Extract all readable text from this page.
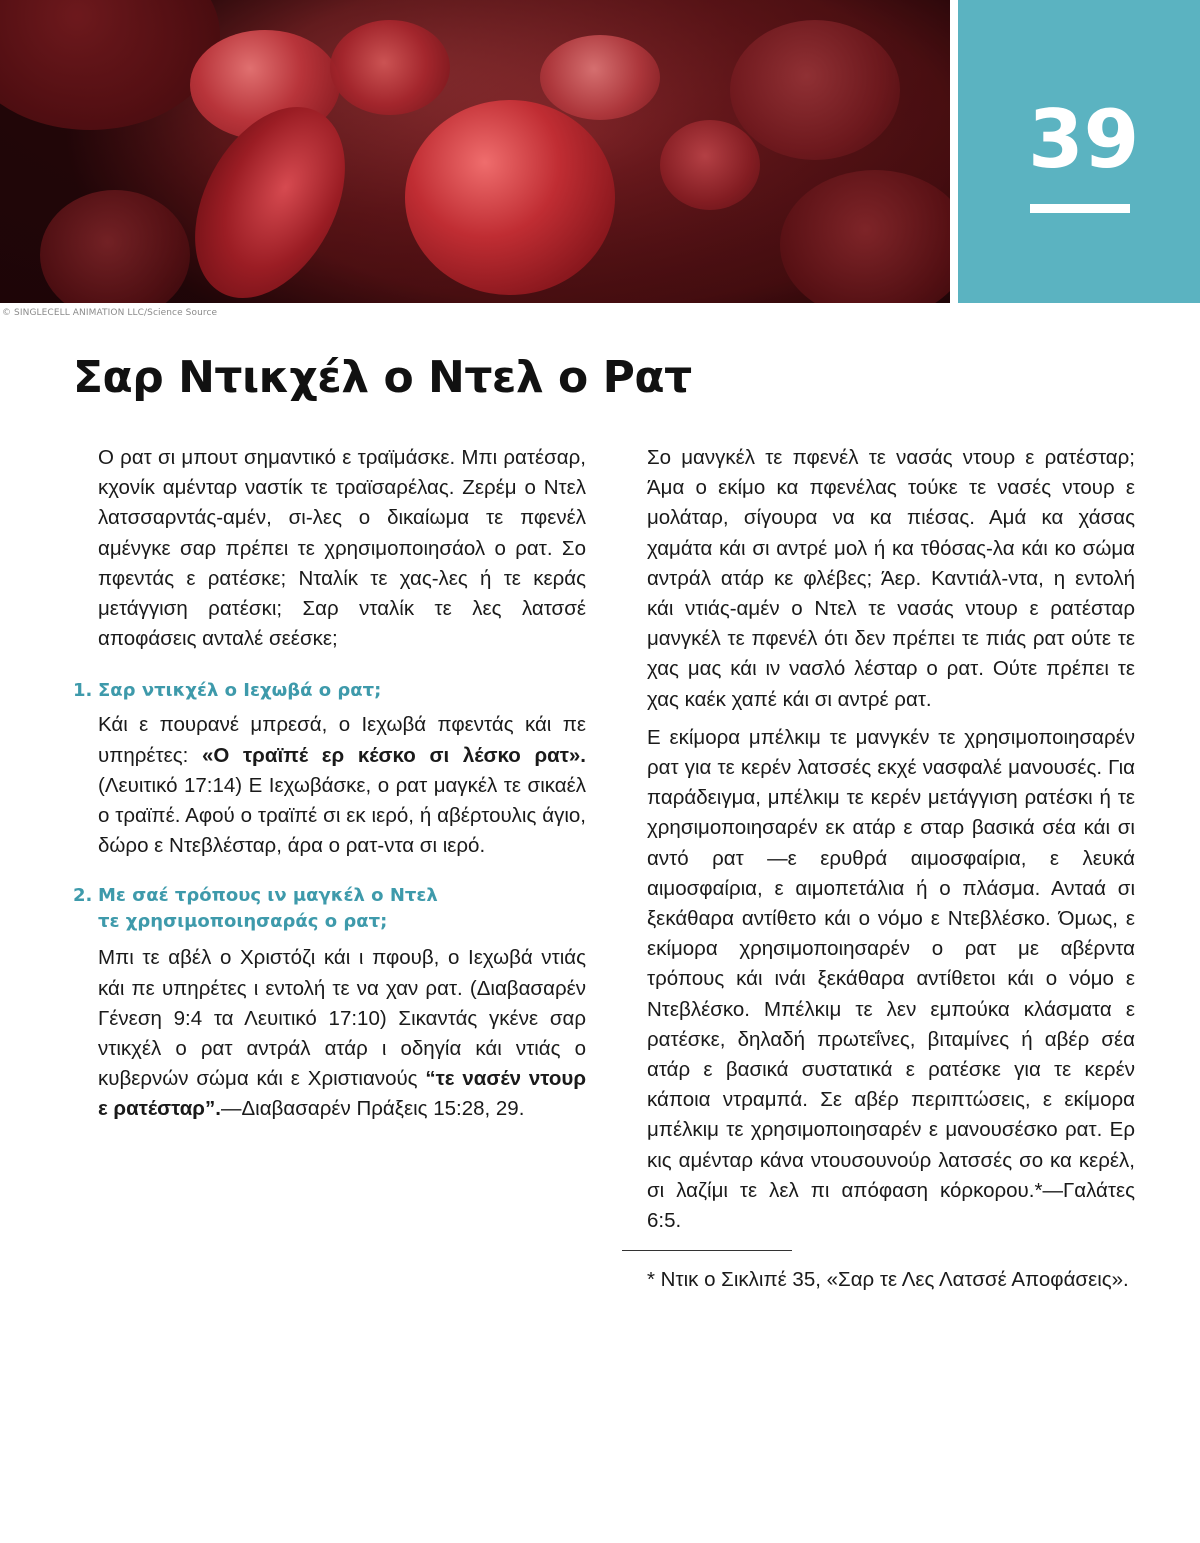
39
© SINGLECELL ANIMATION LLC/Science Source
Σαρ Ντικχέλ ο Ντελ ο Ρατ

Ο ρατ σι μπουτ σημαντικό ε τραϊμάσκε. Μπι ρατέσαρ, κχονίκ αμένταρ ναστίκ τε τραϊσαρέλας. Ζερέμ ο Ντελ λατσσαρντάς-αμέν, σι-λες ο δικαίωμα τε πφενέλ αμένγκε σαρ πρέπει τε χρησιμοποιησάολ ο ρατ. Σο πφεντάς ε ρατέσκε; Νταλίκ τε χας-λες ή τε κεράς μετάγγιση ρατέσκι; Σαρ νταλίκ τε λες λατσσέ αποφάσεις ανταλέ σεέσκε;

1. Σαρ ντικχέλ ο Ιεχωβά ο ρατ;

Κάι ε πουρανέ μπρεσά, ο Ιεχωβά πφεντάς κάι πε υπηρέτες: «Ο τραϊπέ ερ κέσκο σι λέσκο ρατ». (Λευιτικό 17:14) Ε Ιεχωβάσκε, ο ρατ μαγκέλ τε σικαέλ ο τραϊπέ. Αφού ο τραϊπέ σι εκ ιερό, ή αβέρτουλις άγιο, δώρο ε Ντεβλέσταρ, άρα ο ρατ-ντα σι ιερό.

2. Με σαέ τρόπους ιν μαγκέλ ο Ντελ
τε χρησιμοποιησαράς ο ρατ;

Μπι τε αβέλ ο Χριστόζι κάι ι πφουβ, ο Ιεχωβά ντιάς κάι πε υπηρέτες ι εντολή τε να χαν ρατ. (Διαβασαρέν Γένεση 9:4 τα Λευιτικό 17:10) Σικαντάς γκένε σαρ ντικχέλ ο ρατ αντράλ ατάρ ι οδηγία κάι ντιάς ο κυβερνών σώμα κάι ε Χριστιανούς “τε νασέν ντουρ ε ρατέσταρ”.—Διαβασαρέν Πράξεις 15:28, 29.

Σο μανγκέλ τε πφενέλ τε νασάς ντουρ ε ρατέσταρ; Άμα ο εκίμο κα πφενέλας τούκε τε νασές ντουρ ε μολάταρ, σίγουρα να κα πιέσας. Αμά κα χάσας χαμάτα κάι σι αντρέ μολ ή κα τθόσας-λα κάι κο σώμα αντράλ ατάρ κε φλέβες; Άερ. Καντιάλ-ντα, η εντολή κάι ντιάς-αμέν ο Ντελ τε νασάς ντουρ ε ρατέσταρ μανγκέλ τε πφενέλ ότι δεν πρέπει τε πιάς ρατ ούτε τε χας μας κάι ιν νασλό λέσταρ ο ρατ. Ούτε πρέπει τε χας καέκ χαπέ κάι σι αντρέ ρατ.

Ε εκίμορα μπέλκιμ τε μανγκέν τε χρησιμοποιησαρέν ρατ για τε κερέν λατσσές εκχέ νασφαλέ μανουσές. Για παράδειγμα, μπέλκιμ τε κερέν μετάγγιση ρατέσκι ή τε χρησιμοποιησαρέν εκ ατάρ ε σταρ βασικά σέα κάι σι αντό ρατ —ε ερυθρά αιμοσφαίρια, ε λευκά αιμοσφαίρια, ε αιμοπετάλια ή ο πλάσμα. Ανταά σι ξεκάθαρα αντίθετο κάι ο νόμο ε Ντεβλέσκο. Όμως, ε εκίμορα χρησιμοποιησαρέν ο ρατ με αβέρντα τρόπους κάι ινάι ξεκάθαρα αντίθετοι κάι ο νόμο ε Ντεβλέσκο. Μπέλκιμ τε λεν εμπούκα κλάσματα ε ρατέσκε, δηλαδή πρωτεΐνες, βιταμίνες ή αβέρ σέα ατάρ ε βασικά συστατικά ε ρατέσκε για τε κερέν κάποια ντραμπά. Σε αβέρ περιπτώσεις, ε εκίμορα μπέλκιμ τε χρησιμοποιησαρέν ε μανουσέσκο ρατ. Ερ κις αμένταρ κάνα ντουσουνούρ λατσσές σο κα κερέλ, σι λαζίμι τε λελ πι απόφαση κόρκορου.*—Γαλάτες 6:5.

* Ντικ ο Σικλιπέ 35, «Σαρ τε Λες Λατσσέ Αποφάσεις».
